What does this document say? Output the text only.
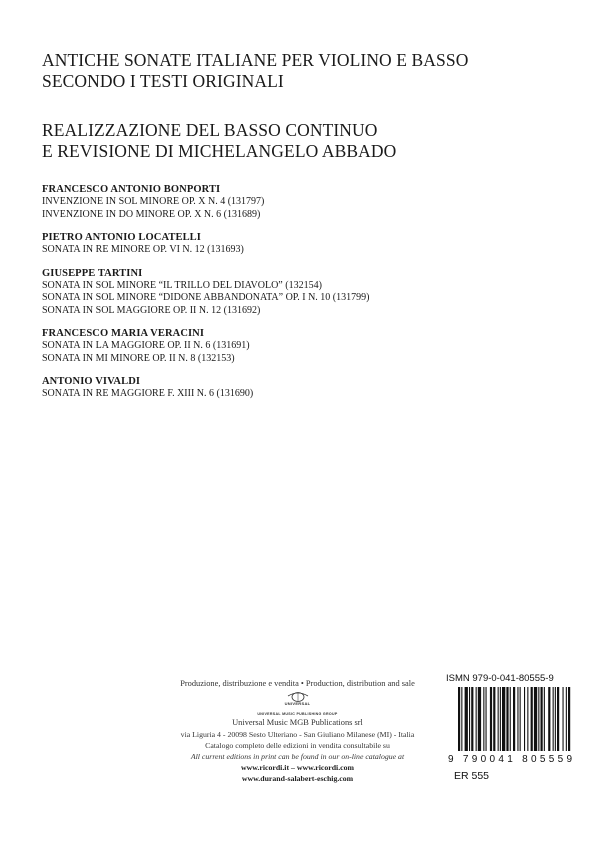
ANTICHE SONATE ITALIANE PER VIOLINO E BASSO
SECONDO I TESTI ORIGINALI
REALIZZAZIONE DEL BASSO CONTINUO
E REVISIONE DI MICHELANGELO ABBADO
FRANCESCO ANTONIO BONPORTI
INVENZIONE IN SOL MINORE OP. X N. 4 (131797)
INVENZIONE IN DO MINORE OP. X N. 6 (131689)
PIETRO ANTONIO LOCATELLI
SONATA IN RE MINORE OP. VI N. 12 (131693)
GIUSEPPE TARTINI
SONATA IN SOL MINORE “IL TRILLO DEL DIAVOLO” (132154)
SONATA IN SOL MINORE “DIDONE ABBANDONATA” OP. I N. 10 (131799)
SONATA IN SOL MAGGIORE OP. II N. 12 (131692)
FRANCESCO MARIA VERACINI
SONATA IN LA MAGGIORE OP. II N. 6 (131691)
SONATA IN MI MINORE OP. II N. 8 (132153)
ANTONIO VIVALDI
SONATA IN RE MAGGIORE F. XIII N. 6 (131690)
Produzione, distribuzione e vendita • Production, distribution and sale
UNIVERSAL
UNIVERSAL MUSIC PUBLISHING GROUP
Universal Music MGB Publications srl
via Liguria 4 - 20098 Sesto Ulteriano - San Giuliano Milanese (MI) - Italia
Catalogo completo delle edizioni in vendita consultabile su
All current editions in print can be found in our on-line catalogue at
www.ricordi.it – www.ricordi.com
www.durand-salabert-eschig.com
ISMN 979-0-041-80555-9
9 790041 805559
ER 555
